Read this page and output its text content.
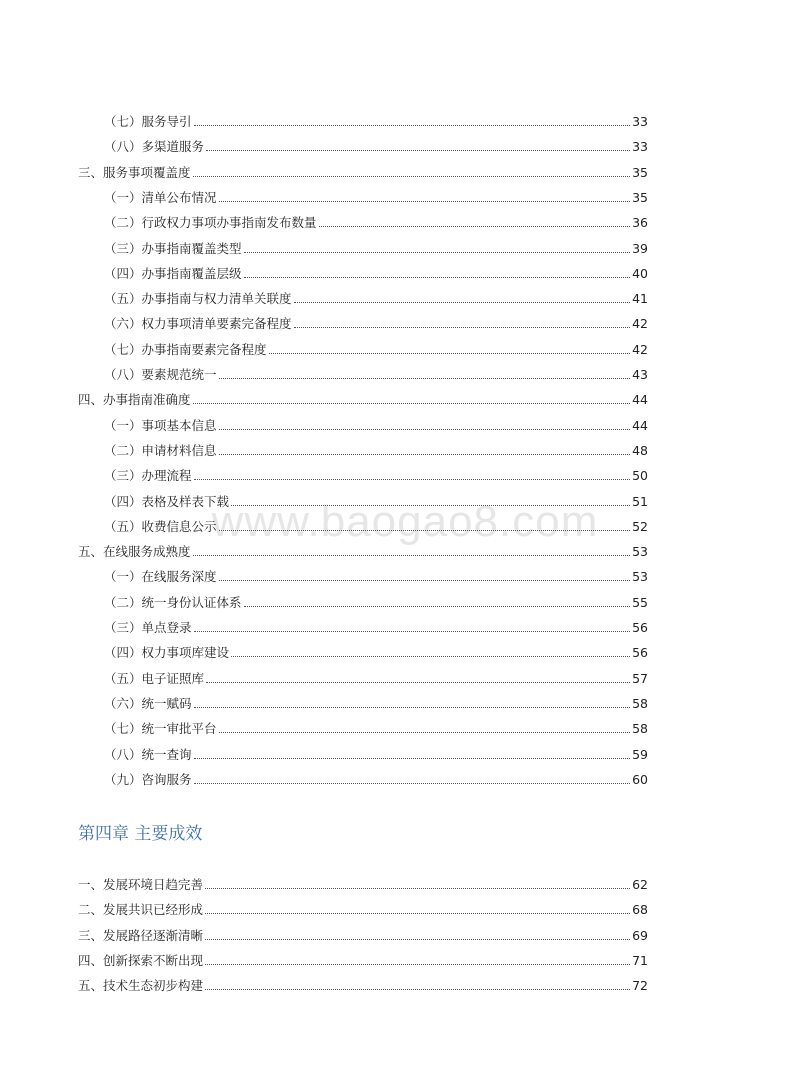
www.baogao8.com
（七）服务导引	33
（八）多渠道服务	33
三、服务事项覆盖度	35
（一）清单公布情况	35
（二）行政权力事项办事指南发布数量	36
（三）办事指南覆盖类型	39
（四）办事指南覆盖层级	40
（五）办事指南与权力清单关联度	41
（六）权力事项清单要素完备程度	42
（七）办事指南要素完备程度	42
（八）要素规范统一	43
四、办事指南准确度	44
（一）事项基本信息	44
（二）申请材料信息	48
（三）办理流程	50
（四）表格及样表下载	51
（五）收费信息公示	52
五、在线服务成熟度	53
（一）在线服务深度	53
（二）统一身份认证体系	55
（三）单点登录	56
（四）权力事项库建设	56
（五）电子证照库	57
（六）统一赋码	58
（七）统一审批平台	58
（八）统一查询	59
（九）咨询服务	60
第四章 主要成效
一、发展环境日趋完善	62
二、发展共识已经形成	68
三、发展路径逐渐清晰	69
四、创新探索不断出现	71
五、技术生态初步构建	72
